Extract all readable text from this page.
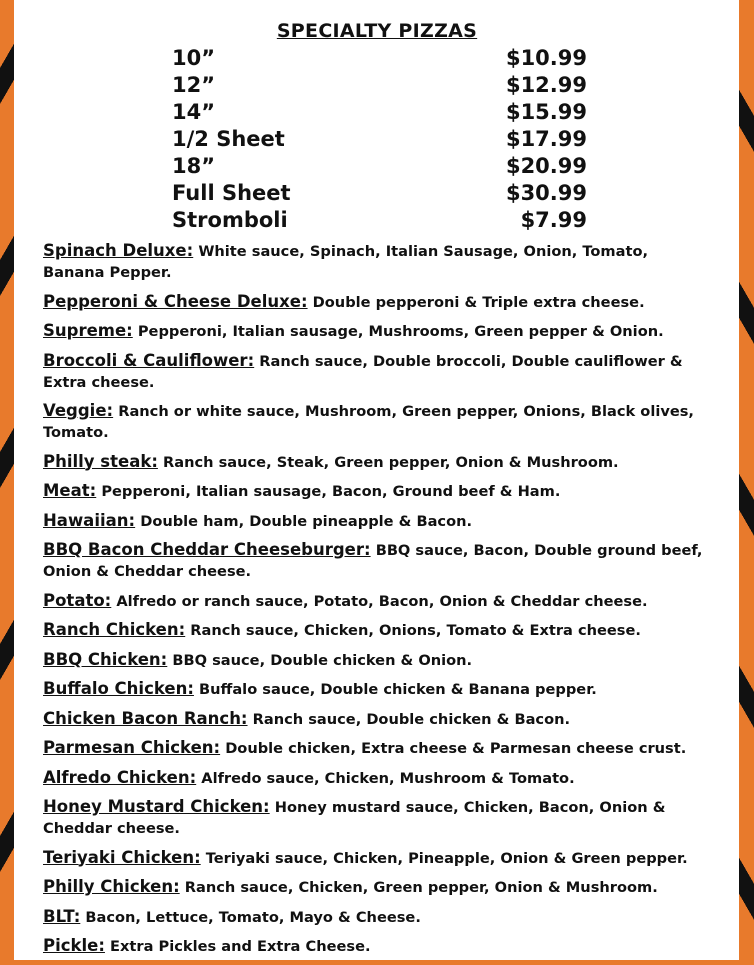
SPECIALTY PIZZAS
10”	$10.99
12”	$12.99
14”	$15.99
1/2 Sheet	$17.99
18”	$20.99
Full Sheet	$30.99
Stromboli	$7.99
Spinach Deluxe: White sauce, Spinach, Italian Sausage, Onion, Tomato, Banana Pepper.
Pepperoni & Cheese Deluxe: Double pepperoni & Triple extra cheese.
Supreme: Pepperoni, Italian sausage, Mushrooms, Green pepper & Onion.
Broccoli & Cauliflower: Ranch sauce, Double broccoli, Double cauliflower & Extra cheese.
Veggie: Ranch or white sauce, Mushroom, Green pepper, Onions, Black olives, Tomato.
Philly steak: Ranch sauce, Steak, Green pepper, Onion & Mushroom.
Meat: Pepperoni, Italian sausage, Bacon, Ground beef & Ham.
Hawaiian: Double ham, Double pineapple & Bacon.
BBQ Bacon Cheddar Cheeseburger: BBQ sauce, Bacon, Double ground beef, Onion & Cheddar cheese.
Potato: Alfredo or ranch sauce, Potato, Bacon, Onion & Cheddar cheese.
Ranch Chicken: Ranch sauce, Chicken, Onions, Tomato & Extra cheese.
BBQ Chicken: BBQ sauce, Double chicken & Onion.
Buffalo Chicken: Buffalo sauce, Double chicken & Banana pepper.
Chicken Bacon Ranch: Ranch sauce, Double chicken & Bacon.
Parmesan Chicken: Double chicken, Extra cheese & Parmesan cheese crust.
Alfredo Chicken: Alfredo sauce, Chicken, Mushroom & Tomato.
Honey Mustard Chicken: Honey mustard sauce, Chicken, Bacon, Onion & Cheddar cheese.
Teriyaki Chicken: Teriyaki sauce, Chicken, Pineapple, Onion & Green pepper.
Philly Chicken: Ranch sauce, Chicken, Green pepper, Onion & Mushroom.
BLT: Bacon, Lettuce, Tomato, Mayo & Cheese.
Pickle: Extra Pickles and Extra Cheese.
